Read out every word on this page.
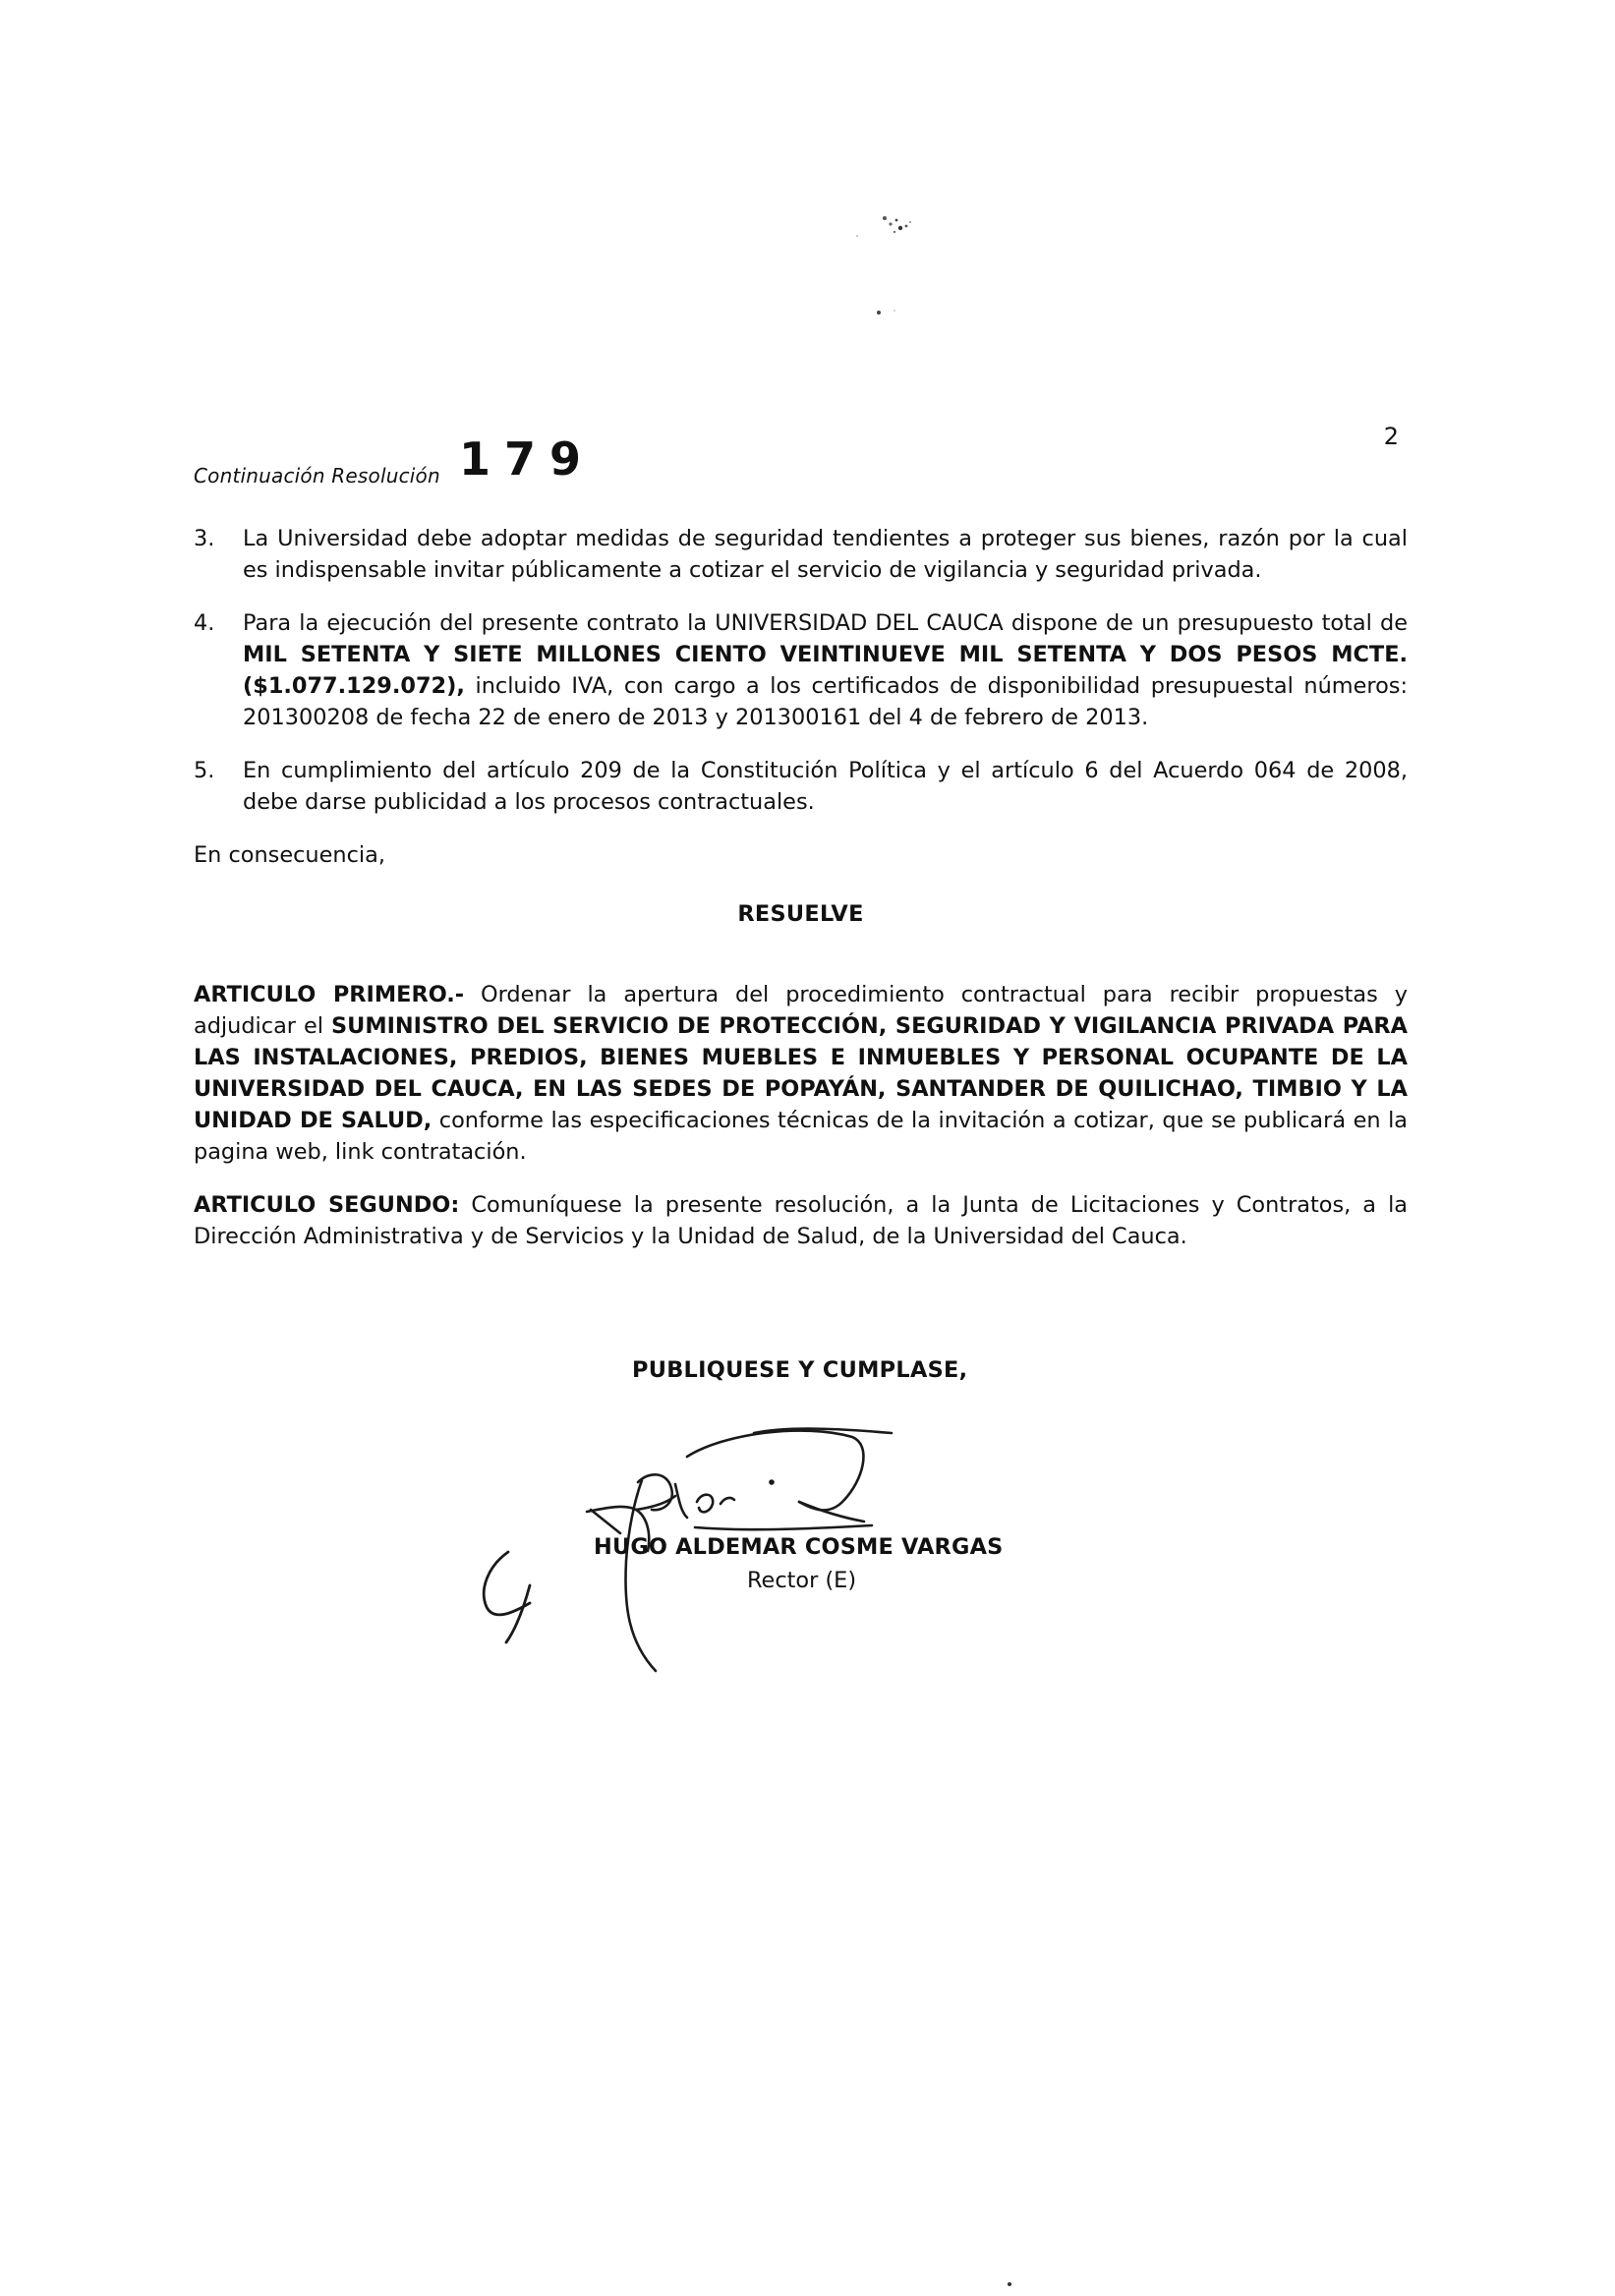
Continuación Resolución 179	2
3. La Universidad debe adoptar medidas de seguridad tendientes a proteger sus bienes, razón por la cual es indispensable invitar públicamente a cotizar el servicio de vigilancia y seguridad privada.
4. Para la ejecución del presente contrato la UNIVERSIDAD DEL CAUCA dispone de un presupuesto total de MIL SETENTA Y SIETE MILLONES CIENTO VEINTINUEVE MIL SETENTA Y DOS PESOS MCTE. ($1.077.129.072), incluido IVA, con cargo a los certificados de disponibilidad presupuestal números: 201300208 de fecha 22 de enero de 2013 y 201300161 del 4 de febrero de 2013.
5. En cumplimiento del artículo 209 de la Constitución Política y el artículo 6 del Acuerdo 064 de 2008, debe darse publicidad a los procesos contractuales.

En consecuencia,

RESUELVE

ARTICULO PRIMERO.- Ordenar la apertura del procedimiento contractual para recibir propuestas y adjudicar el SUMINISTRO DEL SERVICIO DE PROTECCIÓN, SEGURIDAD Y VIGILANCIA PRIVADA PARA LAS INSTALACIONES, PREDIOS, BIENES MUEBLES E INMUEBLES Y PERSONAL OCUPANTE DE LA UNIVERSIDAD DEL CAUCA, EN LAS SEDES DE POPAYÁN, SANTANDER DE QUILICHAO, TIMBIO Y LA UNIDAD DE SALUD, conforme las especificaciones técnicas de la invitación a cotizar, que se publicará en la pagina web, link contratación.

ARTICULO SEGUNDO: Comuníquese la presente resolución, a la Junta de Licitaciones y Contratos, a la Dirección Administrativa y de Servicios y la Unidad de Salud, de la Universidad del Cauca.

PUBLIQUESE Y CUMPLASE,
HUGO ALDEMAR COSME VARGAS
Rector (E)
